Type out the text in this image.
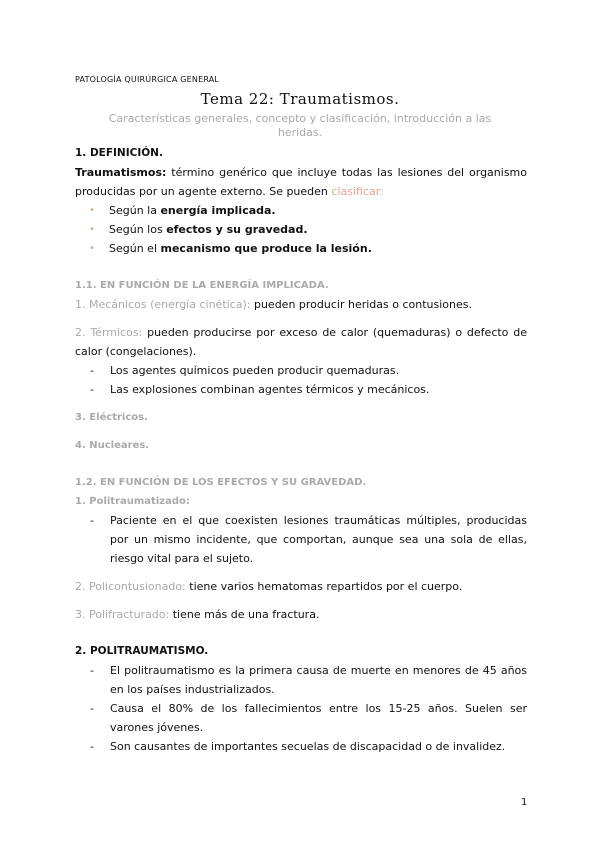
PATOLOGÍA QUIRÚRGICA GENERAL
Tema 22: Traumatismos.
Características generales, concepto y clasificación, introducción a las heridas.

1. DEFINICIÓN.

Traumatismos: término genérico que incluye todas las lesiones del organismo producidas por un agente externo. Se pueden clasificar:

• Según la energía implicada.
• Según los efectos y su gravedad.
• Según el mecanismo que produce la lesión.

1.1. EN FUNCIÓN DE LA ENERGÍA IMPLICADA.

1. Mecánicos (energía cinética): pueden producir heridas o contusiones.

2. Térmicos: pueden producirse por exceso de calor (quemaduras) o defecto de calor (congelaciones).

- Los agentes químicos pueden producir quemaduras.
- Las explosiones combinan agentes térmicos y mecánicos.

3. Eléctricos.

4. Nucleares.

1.2. EN FUNCIÓN DE LOS EFECTOS Y SU GRAVEDAD.

1. Politraumatizado:

- Paciente en el que coexisten lesiones traumáticas múltiples, producidas por un mismo incidente, que comportan, aunque sea una sola de ellas, riesgo vital para el sujeto.

2. Policontusionado: tiene varios hematomas repartidos por el cuerpo.

3. Polifracturado: tiene más de una fractura.

2. POLITRAUMATISMO.

- El politraumatismo es la primera causa de muerte en menores de 45 años en los países industrializados.
- Causa el 80% de los fallecimientos entre los 15-25 años. Suelen ser varones jóvenes.
- Son causantes de importantes secuelas de discapacidad o de invalidez.
1
